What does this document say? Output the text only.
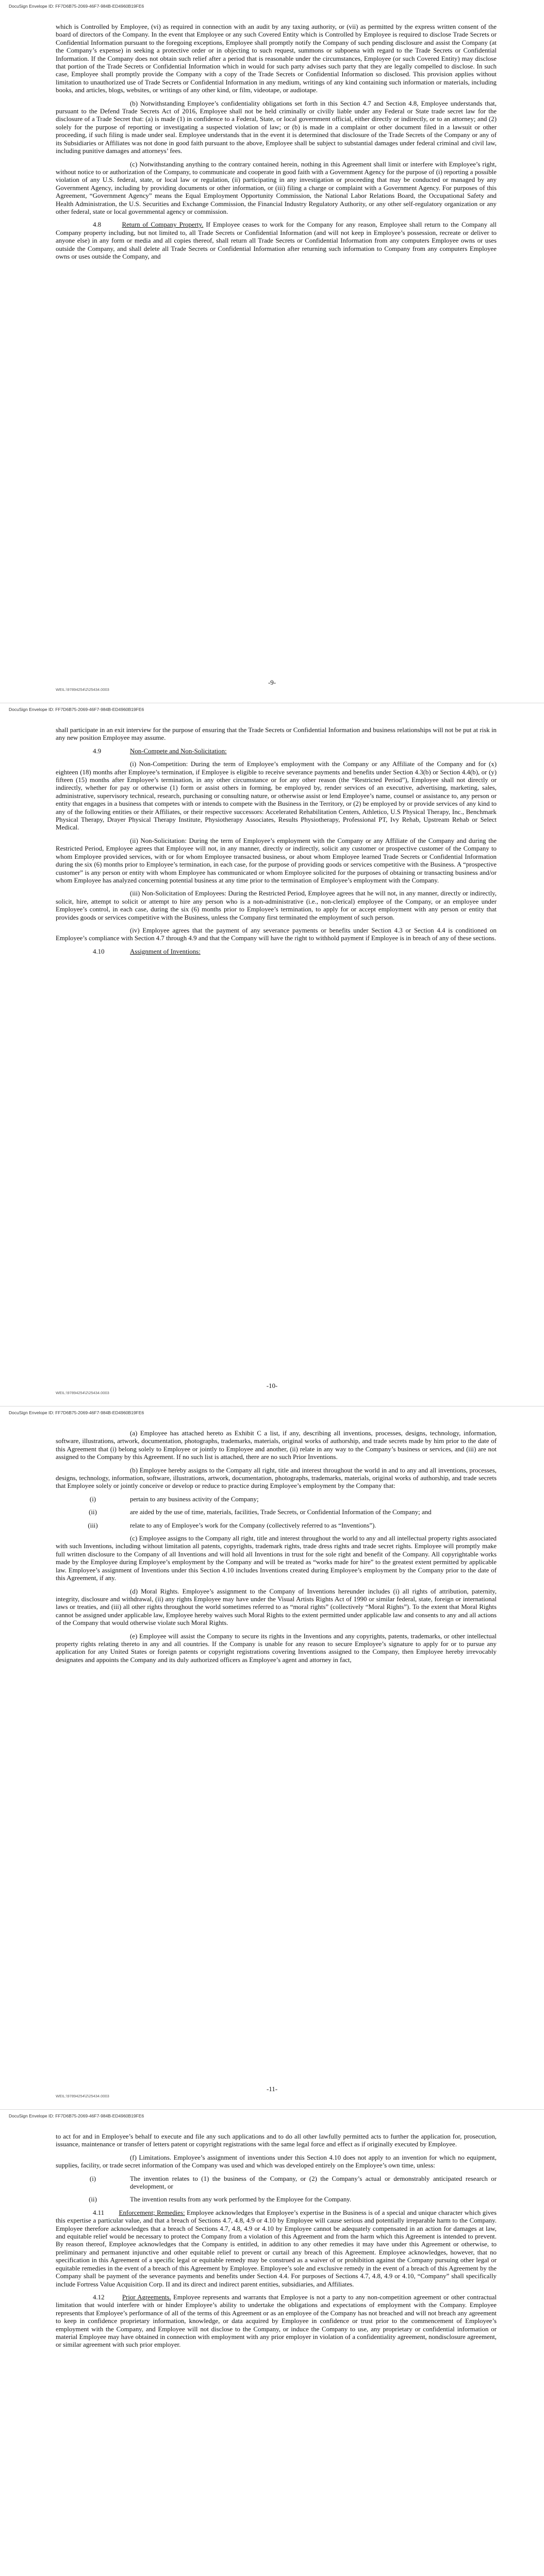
DocuSign Envelope ID: FF7D6B75-2069-46F7-984B-ED4960B19FE6

which is Controlled by Employee, (vi) as required in connection with an audit by any taxing authority, or (vii) as permitted by the express written consent of the board of directors of the Company. In the event that Employee or any such Covered Entity which is Controlled by Employee is required to disclose Trade Secrets or Confidential Information pursuant to the foregoing exceptions, Employee shall promptly notify the Company of such pending disclosure and assist the Company (at the Company’s expense) in seeking a protective order or in objecting to such request, summons or subpoena with regard to the Trade Secrets or Confidential Information. If the Company does not obtain such relief after a period that is reasonable under the circumstances, Employee (or such Covered Entity) may disclose that portion of the Trade Secrets or Confidential Information which in would for such party advises such party that they are legally compelled to disclose. In such case, Employee shall promptly provide the Company with a copy of the Trade Secrets or Confidential Information so disclosed. This provision applies without limitation to unauthorized use of Trade Secrets or Confidential Information in any medium, writings of any kind containing such information or materials, including books, and articles, blogs, websites, or writings of any other kind, or film, videotape, or audiotape.

(b) Notwithstanding Employee’s confidentiality obligations set forth in this Section 4.7 and Section 4.8, Employee understands that, pursuant to the Defend Trade Secrets Act of 2016, Employee shall not be held criminally or civilly liable under any Federal or State trade secret law for the disclosure of a Trade Secret that: (a) is made (1) in confidence to a Federal, State, or local government official, either directly or indirectly, or to an attorney; and (2) solely for the purpose of reporting or investigating a suspected violation of law; or (b) is made in a complaint or other document filed in a lawsuit or other proceeding, if such filing is made under seal. Employee understands that in the event it is determined that disclosure of the Trade Secrets of the Company or any of its Subsidiaries or Affiliates was not done in good faith pursuant to the above, Employee shall be subject to substantial damages under federal criminal and civil law, including punitive damages and attorneys’ fees.

(c) Notwithstanding anything to the contrary contained herein, nothing in this Agreement shall limit or interfere with Employee’s right, without notice to or authorization of the Company, to communicate and cooperate in good faith with a Government Agency for the purpose of (i) reporting a possible violation of any U.S. federal, state, or local law or regulation, (ii) participating in any investigation or proceeding that may be conducted or managed by any Government Agency, including by providing documents or other information, or (iii) filing a charge or complaint with a Government Agency. For purposes of this Agreement, “Government Agency” means the Equal Employment Opportunity Commission, the National Labor Relations Board, the Occupational Safety and Health Administration, the U.S. Securities and Exchange Commission, the Financial Industry Regulatory Authority, or any other self-regulatory organization or any other federal, state or local governmental agency or commission.

4.8	Return of Company Property. If Employee ceases to work for the Company for any reason, Employee shall return to the Company all Company property including, but not limited to, all Trade Secrets or Confidential Information (and will not keep in Employee’s possession, recreate or deliver to anyone else) in any form or media and all copies thereof, shall return all Trade Secrets or Confidential Information from any computers Employee owns or uses outside the Company, and shall delete all Trade Secrets or Confidential Information after returning such information to Company from any computers Employee owns or uses outside the Company, and

-9-
WEIL:\97894254\2\25434.0003
DocuSign Envelope ID: FF7D6B75-2069-46F7-984B-ED4960B19FE6

shall participate in an exit interview for the purpose of ensuring that the Trade Secrets or Confidential Information and business relationships will not be put at risk in any new position Employee may assume.

4.9	Non-Compete and Non-Solicitation:

(i) Non-Competition: During the term of Employee’s employment with the Company or any Affiliate of the Company and for (x) eighteen (18) months after Employee’s termination, if Employee is eligible to receive severance payments and benefits under Section 4.3(b) or Section 4.4(b), or (y) fifteen (15) months after Employee’s termination, in any other circumstance or for any other reason (the “Restricted Period”), Employee shall not directly or indirectly, whether for pay or otherwise (1) form or assist others in forming, be employed by, render services of an executive, advertising, marketing, sales, administrative, supervisory technical, research, purchasing or consulting nature, or otherwise assist or lend Employee’s name, counsel or assistance to, any person or entity that engages in a business that competes with or intends to compete with the Business in the Territory, or (2) be employed by or provide services of any kind to any of the following entities or their Affiliates, or their respective successors: Accelerated Rehabilitation Centers, Athletico, U.S Physical Therapy, Inc., Benchmark Physical Therapy, Drayer Physical Therapy Institute, Physiotherapy Associates, Results Physiotherapy, Professional PT, Ivy Rehab, Upstream Rehab or Select Medical.

(ii) Non-Solicitation: During the term of Employee’s employment with the Company or any Affiliate of the Company and during the Restricted Period, Employee agrees that Employee will not, in any manner, directly or indirectly, solicit any customer or prospective customer of the Company to whom Employee provided services, with or for whom Employee transacted business, or about whom Employee learned Trade Secrets or Confidential Information during the six (6) months prior to Employee’s termination, in each case, for the purpose of providing goods or services competitive with the Business. A “prospective customer” is any person or entity with whom Employee has communicated or whom Employee solicited for the purposes of obtaining or transacting business and/or whom Employee has analyzed concerning potential business at any time prior to the termination of Employee’s employment with the Company.

(iii) Non-Solicitation of Employees: During the Restricted Period, Employee agrees that he will not, in any manner, directly or indirectly, solicit, hire, attempt to solicit or attempt to hire any person who is a non-administrative (i.e., non-clerical) employee of the Company, or an employee under Employee’s control, in each case, during the six (6) months prior to Employee’s termination, to apply for or accept employment with any person or entity that provides goods or services competitive with the Business, unless the Company first terminated the employment of such person.

(iv) Employee agrees that the payment of any severance payments or benefits under Section 4.3 or Section 4.4 is conditioned on Employee’s compliance with Section 4.7 through 4.9 and that the Company will have the right to withhold payment if Employee is in breach of any of these sections.

4.10	Assignment of Inventions:

-10-
WEIL:\97894254\2\25434.0003
DocuSign Envelope ID: FF7D6B75-2069-46F7-984B-ED4960B19FE6

(a) Employee has attached hereto as Exhibit C a list, if any, describing all inventions, processes, designs, technology, information, software, illustrations, artwork, documentation, photographs, trademarks, materials, original works of authorship, and trade secrets made by him prior to the date of this Agreement that (i) belong solely to Employee or jointly to Employee and another, (ii) relate in any way to the Company’s business or services, and (iii) are not assigned to the Company by this Agreement. If no such list is attached, there are no such Prior Inventions.

(b) Employee hereby assigns to the Company all right, title and interest throughout the world in and to any and all inventions, processes, designs, technology, information, software, illustrations, artwork, documentation, photographs, trademarks, materials, original works of authorship, and trade secrets that Employee solely or jointly conceive or develop or reduce to practice during Employee’s employment by the Company that:

(i)	pertain to any business activity of the Company;
(ii)	are aided by the use of time, materials, facilities, Trade Secrets, or Confidential Information of the Company; and
(iii)	relate to any of Employee’s work for the Company (collectively referred to as “Inventions”).

(c) Employee assigns to the Company all right, title and interest throughout the world to any and all intellectual property rights associated with such Inventions, including without limitation all patents, copyrights, trademark rights, trade dress rights and trade secret rights. Employee will promptly make full written disclosure to the Company of all Inventions and will hold all Inventions in trust for the sole right and benefit of the Company. All copyrightable works made by the Employee during Employee’s employment by the Company and will be treated as “works made for hire” to the greatest extent permitted by applicable law. Employee’s assignment of Inventions under this Section 4.10 includes Inventions created during Employee’s employment by the Company prior to the date of this Agreement, if any.

(d) Moral Rights. Employee’s assignment to the Company of Inventions hereunder includes (i) all rights of attribution, paternity, integrity, disclosure and withdrawal, (ii) any rights Employee may have under the Visual Artists Rights Act of 1990 or similar federal, state, foreign or international laws or treaties, and (iii) all other rights throughout the world sometimes referred to as “moral rights” (collectively “Moral Rights”). To the extent that Moral Rights cannot be assigned under applicable law, Employee hereby waives such Moral Rights to the extent permitted under applicable law and consents to any and all actions of the Company that would otherwise violate such Moral Rights.

(e) Employee will assist the Company to secure its rights in the Inventions and any copyrights, patents, trademarks, or other intellectual property rights relating thereto in any and all countries. If the Company is unable for any reason to secure Employee’s signature to apply for or to pursue any application for any United States or foreign patents or copyright registrations covering Inventions assigned to the Company, then Employee hereby irrevocably designates and appoints the Company and its duly authorized officers as Employee’s agent and attorney in fact,

-11-
WEIL:\97894254\2\25434.0003
DocuSign Envelope ID: FF7D6B75-2069-46F7-984B-ED4960B19FE6

to act for and in Employee’s behalf to execute and file any such applications and to do all other lawfully permitted acts to further the application for, prosecution, issuance, maintenance or transfer of letters patent or copyright registrations with the same legal force and effect as if originally executed by Employee.

(f) Limitations. Employee’s assignment of inventions under this Section 4.10 does not apply to an invention for which no equipment, supplies, facility, or trade secret information of the Company was used and which was developed entirely on the Employee’s own time, unless:

(i)	The invention relates to (1) the business of the Company, or (2) the Company’s actual or demonstrably anticipated research or development, or
(ii)	The invention results from any work performed by the Employee for the Company.

4.11 Enforcement; Remedies: Employee acknowledges that Employee’s expertise in the Business is of a special and unique character which gives this expertise a particular value, and that a breach of Sections 4.7, 4.8, 4.9 or 4.10 by Employee will cause serious and potentially irreparable harm to the Company. Employee therefore acknowledges that a breach of Sections 4.7, 4.8, 4.9 or 4.10 by Employee cannot be adequately compensated in an action for damages at law, and equitable relief would be necessary to protect the Company from a violation of this Agreement and from the harm which this Agreement is intended to prevent. By reason thereof, Employee acknowledges that the Company is entitled, in addition to any other remedies it may have under this Agreement or otherwise, to preliminary and permanent injunctive and other equitable relief to prevent or curtail any breach of this Agreement. Employee acknowledges, however, that no specification in this Agreement of a specific legal or equitable remedy may be construed as a waiver of or prohibition against the Company pursuing other legal or equitable remedies in the event of a breach of this Agreement by Employee. Employee’s sole and exclusive remedy in the event of a breach of this Agreement by the Company shall be payment of the severance payments and benefits under Section 4.4. For purposes of Sections 4.7, 4.8, 4.9 or 4.10, “Company” shall specifically include Fortress Value Acquisition Corp. II and its direct and indirect parent entities, subsidiaries, and Affiliates.

4.12	Prior Agreements. Employee represents and warrants that Employee is not a party to any non-competition agreement or other contractual limitation that would interfere with or hinder Employee’s ability to undertake the obligations and expectations of employment with the Company. Employee represents that Employee’s performance of all of the terms of this Agreement or as an employee of the Company has not breached and will not breach any agreement to keep in confidence proprietary information, knowledge, or data acquired by Employee in confidence or trust prior to the commencement of Employee’s employment with the Company, and Employee will not disclose to the Company, or induce the Company to use, any proprietary or confidential information or material Employee may have obtained in connection with employment with any prior employer in violation of a confidentiality agreement, nondisclosure agreement, or similar agreement with such prior employer.
